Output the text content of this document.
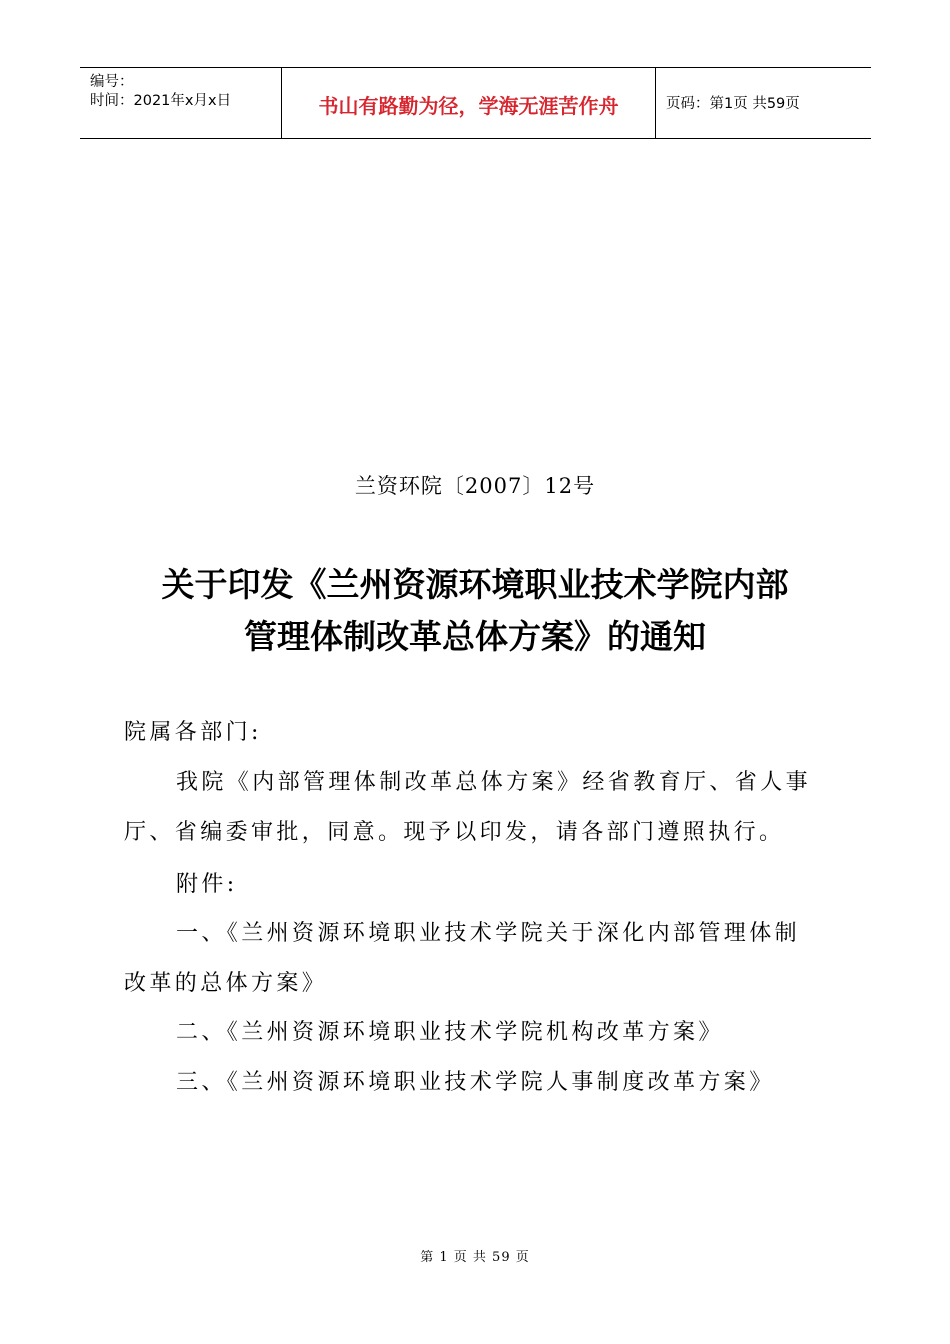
编号：
时间：2021年x月x日	书山有路勤为径，学海无涯苦作舟	页码：第1页 共59页
兰资环院〔2007〕12号
关于印发《兰州资源环境职业技术学院内部
管理体制改革总体方案》的通知
院属各部门:
我院《内部管理体制改革总体方案》经省教育厅、省人事
厅、省编委审批，同意。现予以印发，请各部门遵照执行。
附件:
一、《兰州资源环境职业技术学院关于深化内部管理体制
改革的总体方案》
二、《兰州资源环境职业技术学院机构改革方案》
三、《兰州资源环境职业技术学院人事制度改革方案》
第 1 页 共 59 页
